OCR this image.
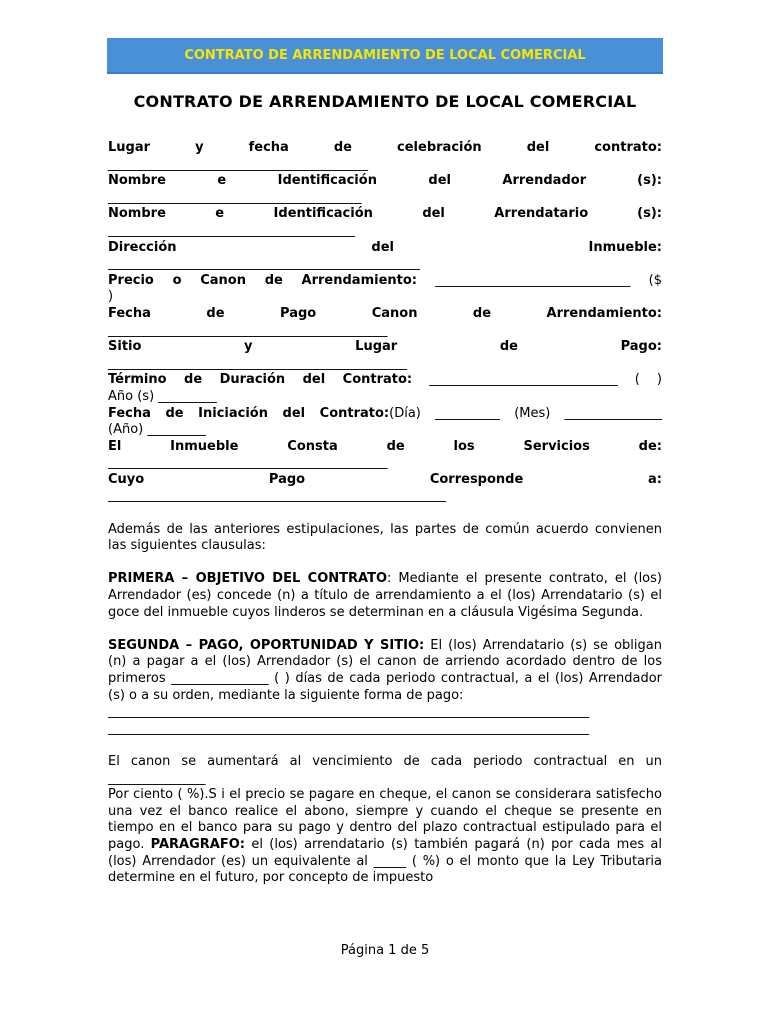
CONTRATO DE ARRENDAMIENTO DE LOCAL COMERCIAL
CONTRATO DE ARRENDAMIENTO DE LOCAL COMERCIAL

Lugar y fecha de celebración del contrato:

________________________________________

Nombre e Identificación del Arrendador	(s):

_______________________________________

Nombre e Identificación del Arrendatario	(s):

______________________________________

Dirección del	Inmueble:

________________________________________________

Precio o Canon de Arrendamiento: ______________________________ ($

)

Fecha de Pago Canon de Arrendamiento:

___________________________________________

Sitio y Lugar de Pago:

______________________________________________

Término de Duración del Contrato: _____________________________ ( )

Año (s) _________

Fecha de Iniciación del Contrato:(Día) __________ (Mes) _______________

(Año) _________

El Inmueble Consta de los Servicios de:

___________________________________________

Cuyo Pago Corresponde a:

____________________________________________________

Además de las anteriores estipulaciones, las partes de común acuerdo convienen las siguientes clausulas:

PRIMERA – OBJETIVO DEL CONTRATO: Mediante el presente contrato, el (los) Arrendador (es) concede (n) a título de arrendamiento a el (los) Arrendatario (s) el goce del inmueble cuyos linderos se determinan en a cláusula Vigésima Segunda.

SEGUNDA – PAGO, OPORTUNIDAD Y SITIO: El (los) Arrendatario (s) se obligan (n) a pagar a el (los) Arrendador (s) el canon de arriendo acordado dentro de los primeros _______________ ( ) días de cada periodo contractual, a el (los) Arrendador (s) o a su orden, mediante la siguiente forma de pago:

__________________________________________________________________________

__________________________________________________________________________

El canon se aumentará al vencimiento de cada periodo contractual en un

_______________

Por ciento ( %).S i el precio se pagare en cheque, el canon se considerara satisfecho una vez el banco realice el abono, siempre y cuando el cheque se presente en tiempo en el banco para su pago y dentro del plazo contractual estipulado para el pago. PARAGRAFO: el (los) arrendatario (s) también pagará (n) por cada mes al (los) Arrendador (es) un equivalente al _____ ( %) o el monto que la Ley Tributaria determine en el futuro, por concepto de impuesto

Página 1 de 5
